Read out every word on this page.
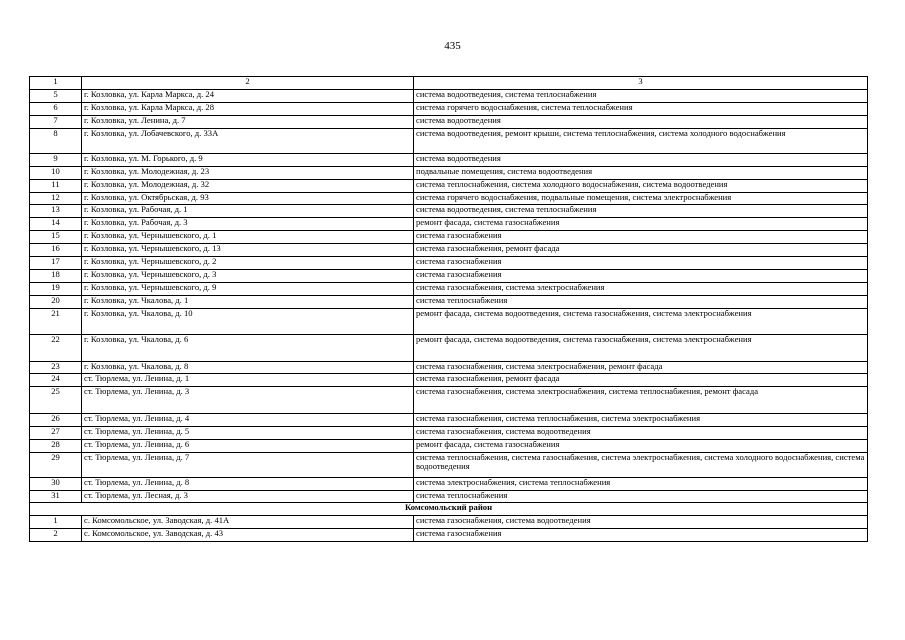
435
1	2	3
5	г. Козловка, ул. Карла Маркса, д. 24	система водоотведения, система теплоснабжения
6	г. Козловка, ул. Карла Маркса, д. 28	система горячего водоснабжения, система теплоснабжения
7	г. Козловка, ул. Ленина, д. 7	система водоотведения
8	г. Козловка, ул. Лобачевского, д. 33А	система водоотведения, ремонт крыши, система теплоснабжения, система холодного водоснабжения
9	г. Козловка, ул. М. Горького, д. 9	система водоотведения
10	г. Козловка, ул. Молодежная, д. 23	подвальные помещения, система водоотведения
11	г. Козловка, ул. Молодежная, д. 32	система теплоснабжения, система холодного водоснабжения, система водоотведения
12	г. Козловка, ул. Октябрьская, д. 93	система горячего водоснабжения, подвальные помещения, система электроснабжения
13	г. Козловка, ул. Рабочая, д. 1	система водоотведения, система теплоснабжения
14	г. Козловка, ул. Рабочая, д. 3	ремонт фасада, система газоснабжения
15	г. Козловка, ул. Чернышевского, д. 1	система газоснабжения
16	г. Козловка, ул. Чернышевского, д. 13	система газоснабжения, ремонт фасада
17	г. Козловка, ул. Чернышевского, д. 2	система газоснабжения
18	г. Козловка, ул. Чернышевского, д. 3	система газоснабжения
19	г. Козловка, ул. Чернышевского, д. 9	система газоснабжения, система электроснабжения
20	г. Козловка, ул. Чкалова, д. 1	система теплоснабжения
21	г. Козловка, ул. Чкалова, д. 10	ремонт фасада, система водоотведения, система газоснабжения, система электроснабжения
22	г. Козловка, ул. Чкалова, д. 6	ремонт фасада, система водоотведения, система газоснабжения, система электроснабжения
23	г. Козловка, ул. Чкалова, д. 8	система газоснабжения, система электроснабжения, ремонт фасада
24	ст. Тюрлема, ул. Ленина, д. 1	система газоснабжения, ремонт фасада
25	ст. Тюрлема, ул. Ленина, д. 3	система газоснабжения, система электроснабжения, система теплоснабжения, ремонт фасада
26	ст. Тюрлема, ул. Ленина, д. 4	система газоснабжения, система теплоснабжения, система электроснабжения
27	ст. Тюрлема, ул. Ленина, д. 5	система газоснабжения, система водоотведения
28	ст. Тюрлема, ул. Ленина, д. 6	ремонт фасада, система газоснабжения
29	ст. Тюрлема, ул. Ленина, д. 7	система теплоснабжения, система газоснабжения, система электроснабжения, система холодного водоснабжения, система водоотведения
30	ст. Тюрлема, ул. Ленина, д. 8	система электроснабжения, система теплоснабжения
31	ст. Тюрлема, ул. Лесная, д. 3	система теплоснабжения
Комсомольский район		
1	с. Комсомольское, ул. Заводская, д. 41А	система газоснабжения, система водоотведения
2	с. Комсомольское, ул. Заводская, д. 43	система газоснабжения
